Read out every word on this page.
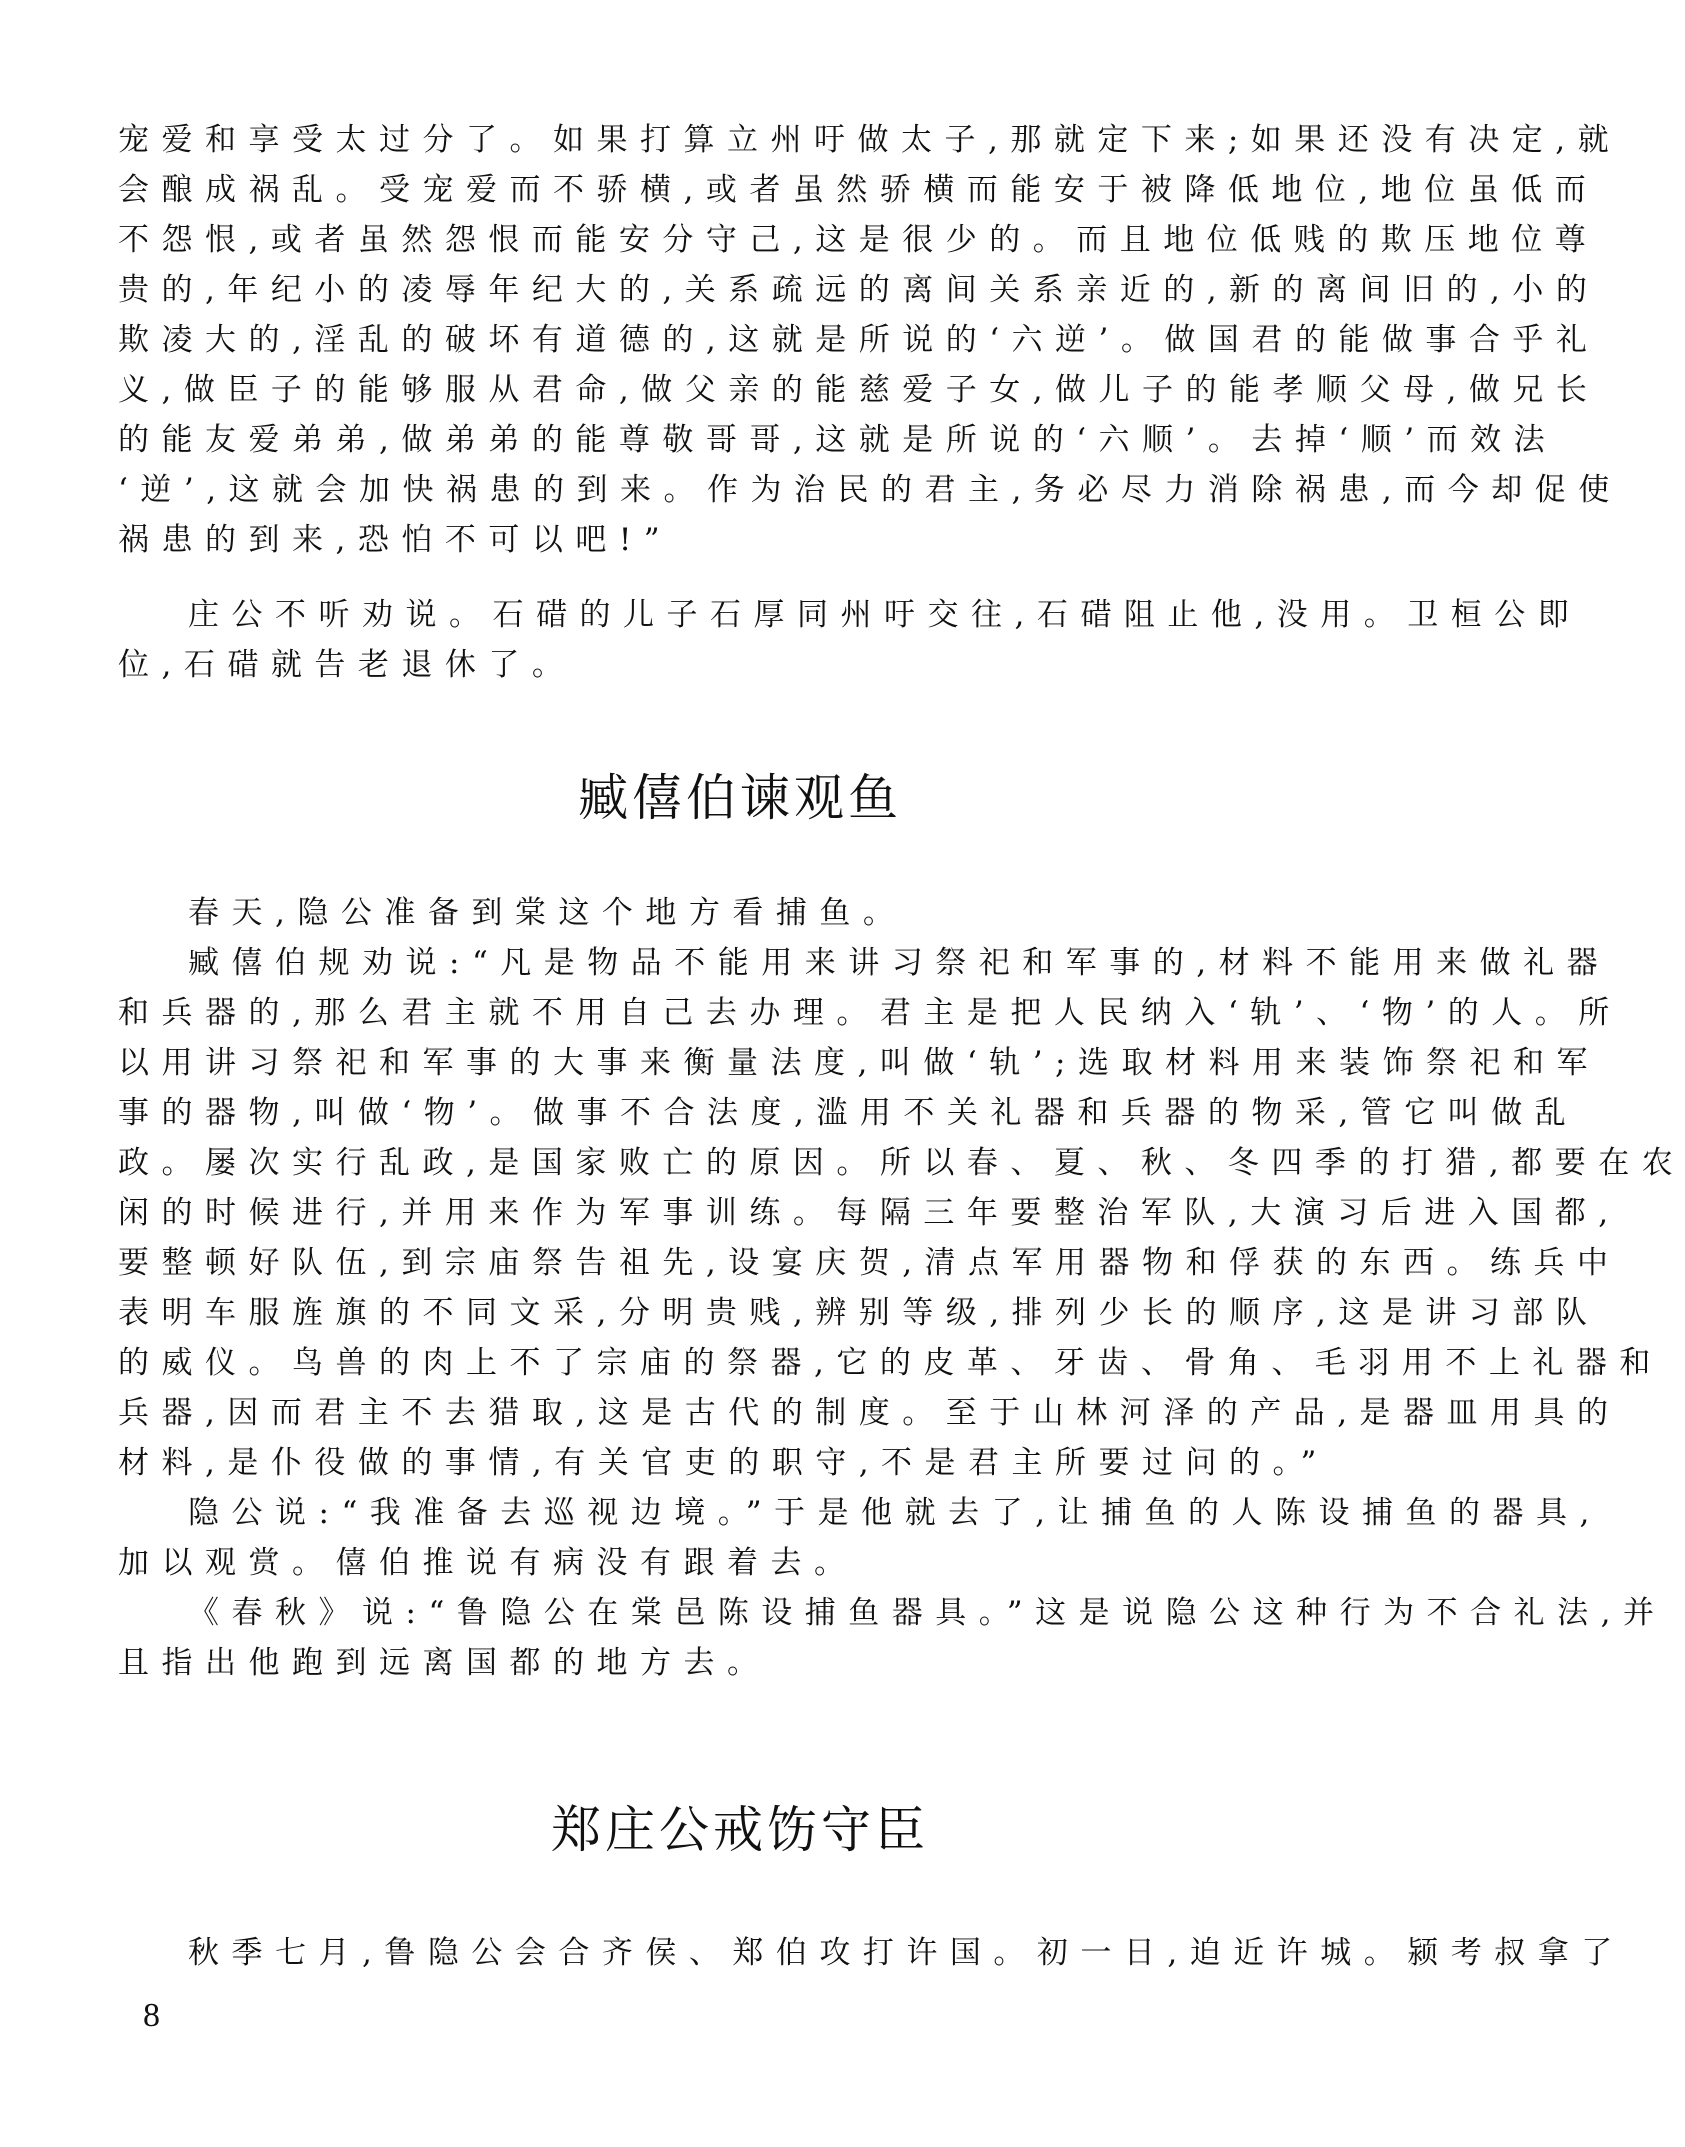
宠爱和享受太过分了。如果打算立州吁做太子,那就定下来;如果还没有决定,就
会酿成祸乱。受宠爱而不骄横,或者虽然骄横而能安于被降低地位,地位虽低而
不怨恨,或者虽然怨恨而能安分守己,这是很少的。而且地位低贱的欺压地位尊
贵的,年纪小的凌辱年纪大的,关系疏远的离间关系亲近的,新的离间旧的,小的
欺凌大的,淫乱的破坏有道德的,这就是所说的‘六逆’。做国君的能做事合乎礼
义,做臣子的能够服从君命,做父亲的能慈爱子女,做儿子的能孝顺父母,做兄长
的能友爱弟弟,做弟弟的能尊敬哥哥,这就是所说的‘六顺’。去掉‘顺’而效法
‘逆’,这就会加快祸患的到来。作为治民的君主,务必尽力消除祸患,而今却促使
祸患的到来,恐怕不可以吧!”
庄公不听劝说。石碏的儿子石厚同州吁交往,石碏阻止他,没用。卫桓公即
位,石碏就告老退休了。
臧僖伯谏观鱼
春天,隐公准备到棠这个地方看捕鱼。
臧僖伯规劝说:“凡是物品不能用来讲习祭祀和军事的,材料不能用来做礼器
和兵器的,那么君主就不用自己去办理。君主是把人民纳入‘轨’、‘物’的人。所
以用讲习祭祀和军事的大事来衡量法度,叫做‘轨’;选取材料用来装饰祭祀和军
事的器物,叫做‘物’。做事不合法度,滥用不关礼器和兵器的物采,管它叫做乱
政。屡次实行乱政,是国家败亡的原因。所以春、夏、秋、冬四季的打猎,都要在农
闲的时候进行,并用来作为军事训练。每隔三年要整治军队,大演习后进入国都,
要整顿好队伍,到宗庙祭告祖先,设宴庆贺,清点军用器物和俘获的东西。练兵中
表明车服旌旗的不同文采,分明贵贱,辨别等级,排列少长的顺序,这是讲习部队
的威仪。鸟兽的肉上不了宗庙的祭器,它的皮革、牙齿、骨角、毛羽用不上礼器和
兵器,因而君主不去猎取,这是古代的制度。至于山林河泽的产品,是器皿用具的
材料,是仆役做的事情,有关官吏的职守,不是君主所要过问的。”
隐公说:“我准备去巡视边境。”于是他就去了,让捕鱼的人陈设捕鱼的器具,
加以观赏。僖伯推说有病没有跟着去。
《春秋》说:“鲁隐公在棠邑陈设捕鱼器具。”这是说隐公这种行为不合礼法,并
且指出他跑到远离国都的地方去。
郑庄公戒饬守臣
秋季七月,鲁隐公会合齐侯、郑伯攻打许国。初一日,迫近许城。颍考叔拿了
8
